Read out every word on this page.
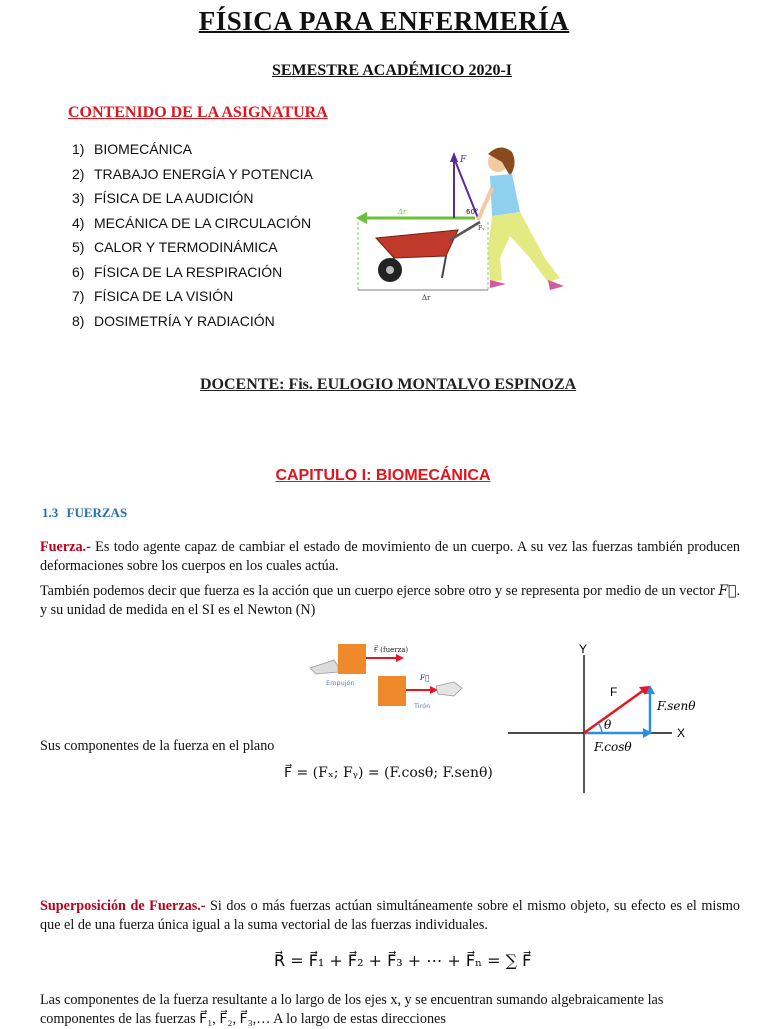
FÍSICA PARA ENFERMERÍA
SEMESTRE ACADÉMICO 2020-I
CONTENIDO DE LA ASIGNATURA
1) BIOMECÁNICA
2) TRABAJO ENERGÍA Y POTENCIA
3) FÍSICA DE LA AUDICIÓN
4) MECÁNICA DE LA CIRCULACIÓN
5) CALOR Y TERMODINÁMICA
6) FÍSICA DE LA RESPIRACIÓN
7) FÍSICA DE LA VISIÓN
8) DOSIMETRÍA Y RADIACIÓN
Δr
Δr
F
60°
Fᵧ
DOCENTE: Fis. EULOGIO MONTALVO ESPINOZA
CAPITULO I: BIOMECÁNICA
1.3 FUERZAS
Fuerza.- Es todo agente capaz de cambiar el estado de movimiento de un cuerpo. A su vez las fuerzas también producen deformaciones sobre los cuerpos en los cuales actúa.
También podemos decir que fuerza es la acción que un cuerpo ejerce sobre otro y se representa por medio de un vector F⃗. y su unidad de medida en el SI es el Newton (N)
F⃗ (fuerza)
Empujón
F⃗
Tirón
Sus componentes de la fuerza en el plano
F⃗ = (Fₓ; Fᵧ) = (F.cosθ; F.senθ)
Y
X
F
θ
F.senθ
F.cosθ
Superposición de Fuerzas.- Si dos o más fuerzas actúan simultáneamente sobre el mismo objeto, su efecto es el mismo que el de una fuerza única igual a la suma vectorial de las fuerzas individuales.
R⃗ = F⃗₁ + F⃗₂ + F⃗₃ + ⋯ + F⃗ₙ = ∑ F⃗
Las componentes de la fuerza resultante a lo largo de los ejes x, y se encuentran sumando algebraicamente las
componentes de las fuerzas F⃗₁, F⃗₂, F⃗₃,… A lo largo de estas direcciones
